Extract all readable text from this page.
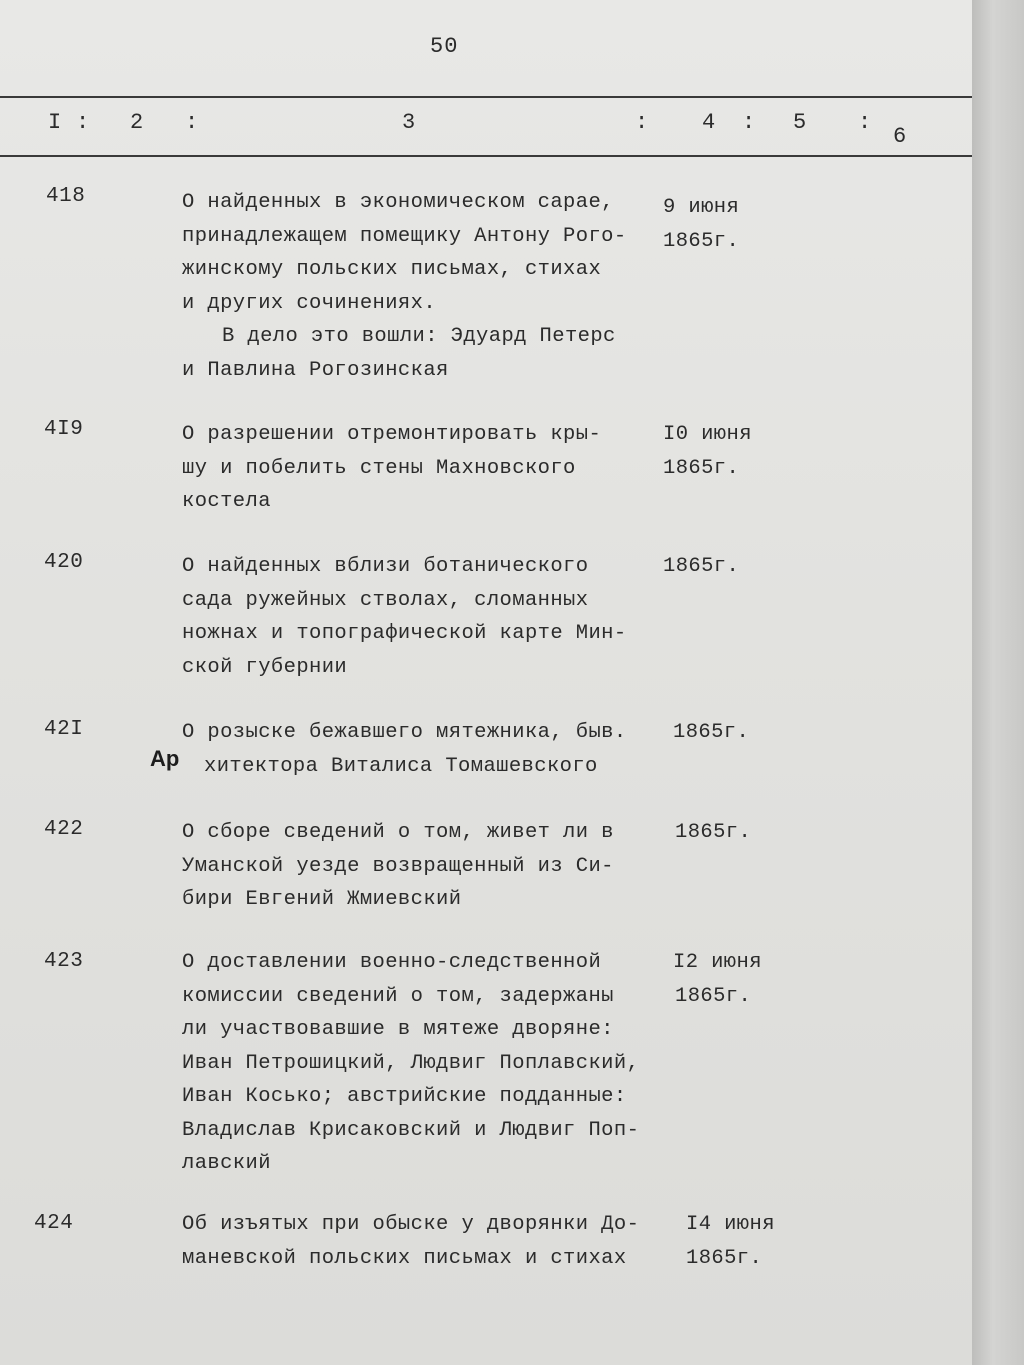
50
I : 2 :	3	: 4 : 5 :
6
418	О найденных в экономическом сарае,
принадлежащем помещику Антону Рого-
жинскому польских письмах, стихах
и других сочинениях.
В дело это вошли: Эдуард Петерс
и Павлина Рогозинская
9 июня
1865г.
4I9	О разрешении отремонтировать кры-
шу и побелить стены Махновского
костела
I0 июня
1865г.
420	О найденных вблизи ботанического
сада ружейных стволах, сломанных
ножнах и топографической карте Мин-
ской губернии
1865г.
42I	О розыске бежавшего мятежника, быв.
хитектора Виталиса Томашевского
Ар
1865г.
422	О сборе сведений о том, живет ли в
Уманской уезде возвращенный из Си-
бири Евгений Жмиевский
1865г.
423	О доставлении военно-следственной
комиссии сведений о том, задержаны
ли участвовавшие в мятеже дворяне:
Иван Петрошицкий, Людвиг Поплавский,
Иван Косько; австрийские подданные:
Владислав Крисаковский и Людвиг Поп-
лавский
I2 июня
1865г.
424	Об изъятых при обыске у дворянки До-
маневской польских письмах и стихах
I4 июня
1865г.
